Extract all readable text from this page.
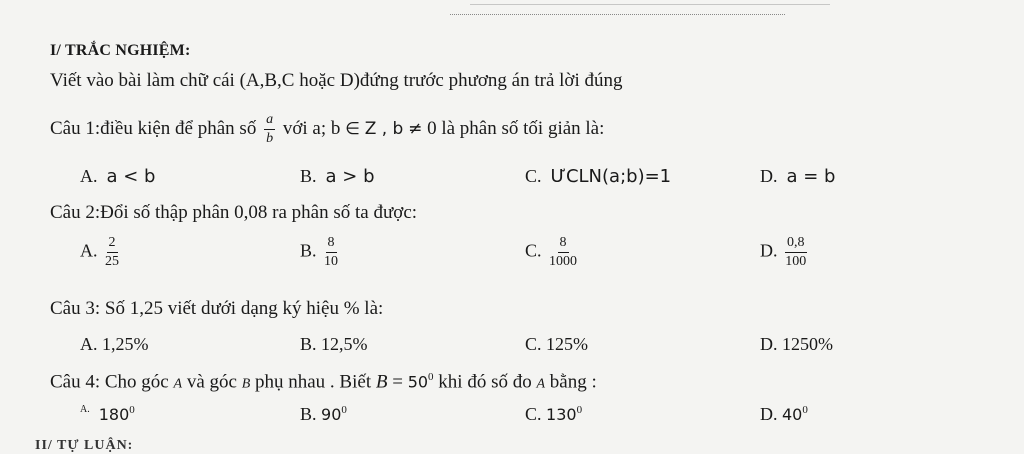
I/ TRẮC NGHIỆM:
Viết vào bài làm chữ cái (A,B,C hoặc D)đứng trước phương án trả lời đúng
Câu 1:điều kiện để phân số $\frac{a}{b}$ với a; b ∈ Z , b ≠ 0 là phân số tối giản là:
A. a < b	B. a > b	C. ƯCLN(a;b)=1	D. a = b
Câu 2:Đổi số thập phân 0,08 ra phân số ta được:
A. $\frac{2}{25}$	B. $\frac{8}{10}$	C. $\frac{8}{1000}$	D. $\frac{0,8}{100}$
Câu 3: Số 1,25 viết dưới dạng ký hiệu % là:
A. 1,25%	B. 12,5%	C. 125%	D. 1250%
Câu 4: Cho góc A và góc B phụ nhau . Biết $B = 50^0$ khi đó số đo A bằng :
$^{A.}$ $180^0$	B. $90^0$	C. $130^0$	D. $40^0$
II/ TỰ LUẬN:
